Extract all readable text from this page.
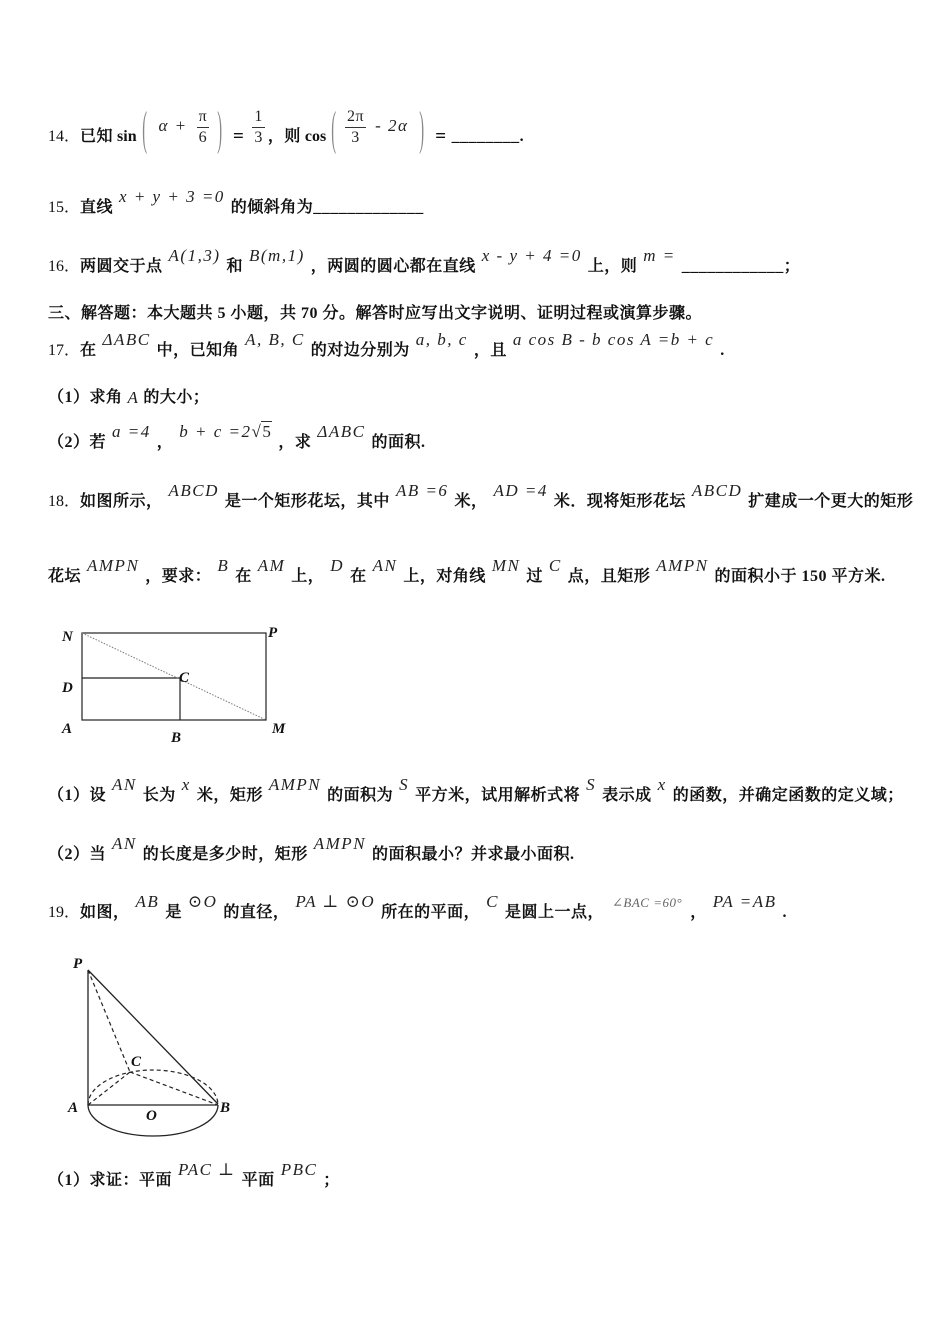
14． 已知 sin ( $\alpha + \frac{\pi}{6}$ ) = $\frac{1}{3}$ ，则 cos ( $\frac{2\pi}{3} - 2\alpha$ ) = ________.
15． 直线
x + y + 3 =0
的倾斜角为_____________
16． 两圆交于点
A(1,3)
和
B(m,1)
，两圆的圆心都在直线
x - y + 4 =0
上，则
m =
____________；
三、解答题：本大题共 5 小题，共 70 分。解答时应写出文字说明、证明过程或演算步骤。
17． 在
ΔABC
中，已知角
A, B, C
的对边分别为
a, b, c
，且
a cos B - b cos A =b + c
.
（1）求角 A 的大小；
（2）若
a =4
，
b + c =2√5
，求
ΔABC
的面积.
18． 如图所示，
ABCD
是一个矩形花坛，其中
AB =6
米，
AD =4
米．现将矩形花坛
ABCD
扩建成一个更大的矩形
花坛
AMPN
，要求：
B
在
AM
上，
D
在
AN
上，对角线
MN
过
C
点，且矩形
AMPN
的面积小于 150 平方米.
N	P
D
C
A
B
M
（1）设
AN
长为
x
米，矩形
AMPN
的面积为
S
平方米，试用解析式将
S
表示成
x
的函数，并确定函数的定义域；
（2）当
AN
的长度是多少时，矩形
AMPN
的面积最小？并求最小面积.
19． 如图，
AB
是
⊙O
的直径，
PA ⊥ ⊙O
所在的平面，
C
是圆上一点，
∠BAC =60°
，
PA =AB
.
P
C
A	O	B
（1）求证：平面
PAC ⊥
平面
PBC
；
